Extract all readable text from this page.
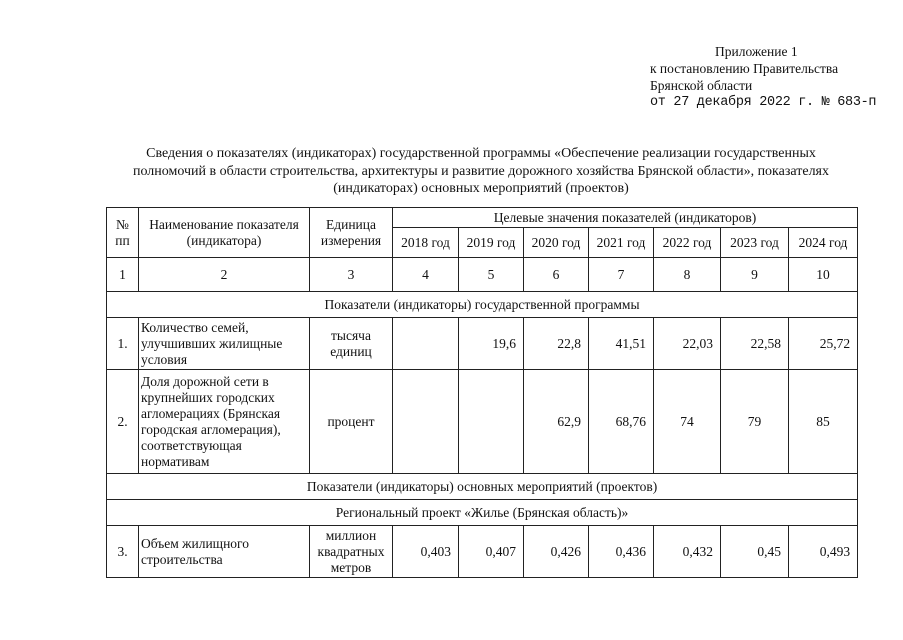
Приложение 1
к постановлению Правительства
Брянской области
от 27 декабря 2022 г. № 683-п
Сведения о показателях (индикаторах) государственной программы «Обеспечение реализации государственных полномочий в области строительства, архитектуры и развитие дорожного хозяйства Брянской области», показателях (индикаторах) основных мероприятий (проектов)
№ пп	Наименование показателя (индикатора)	Единица измерения	Целевые значения показателей (индикаторов)						
			2018 год	2019 год	2020 год	2021 год	2022 год	2023 год	2024 год
1	2	3	4	5	6	7	8	9	10
Показатели (индикаторы) государственной программы									
1.	Количество семей, улучшивших жилищные условия	тысяча единиц		19,6	22,8	41,51	22,03	22,58	25,72
2.	Доля дорожной сети в крупнейших городских агломерациях (Брянская городская агломерация), соответствующая нормативам	процент			62,9	68,76	74	79	85
Показатели (индикаторы) основных мероприятий (проектов)									
Региональный проект «Жилье (Брянская область)»									
3.	Объем жилищного строительства	миллион квадратных метров	0,403	0,407	0,426	0,436	0,432	0,45	0,493
